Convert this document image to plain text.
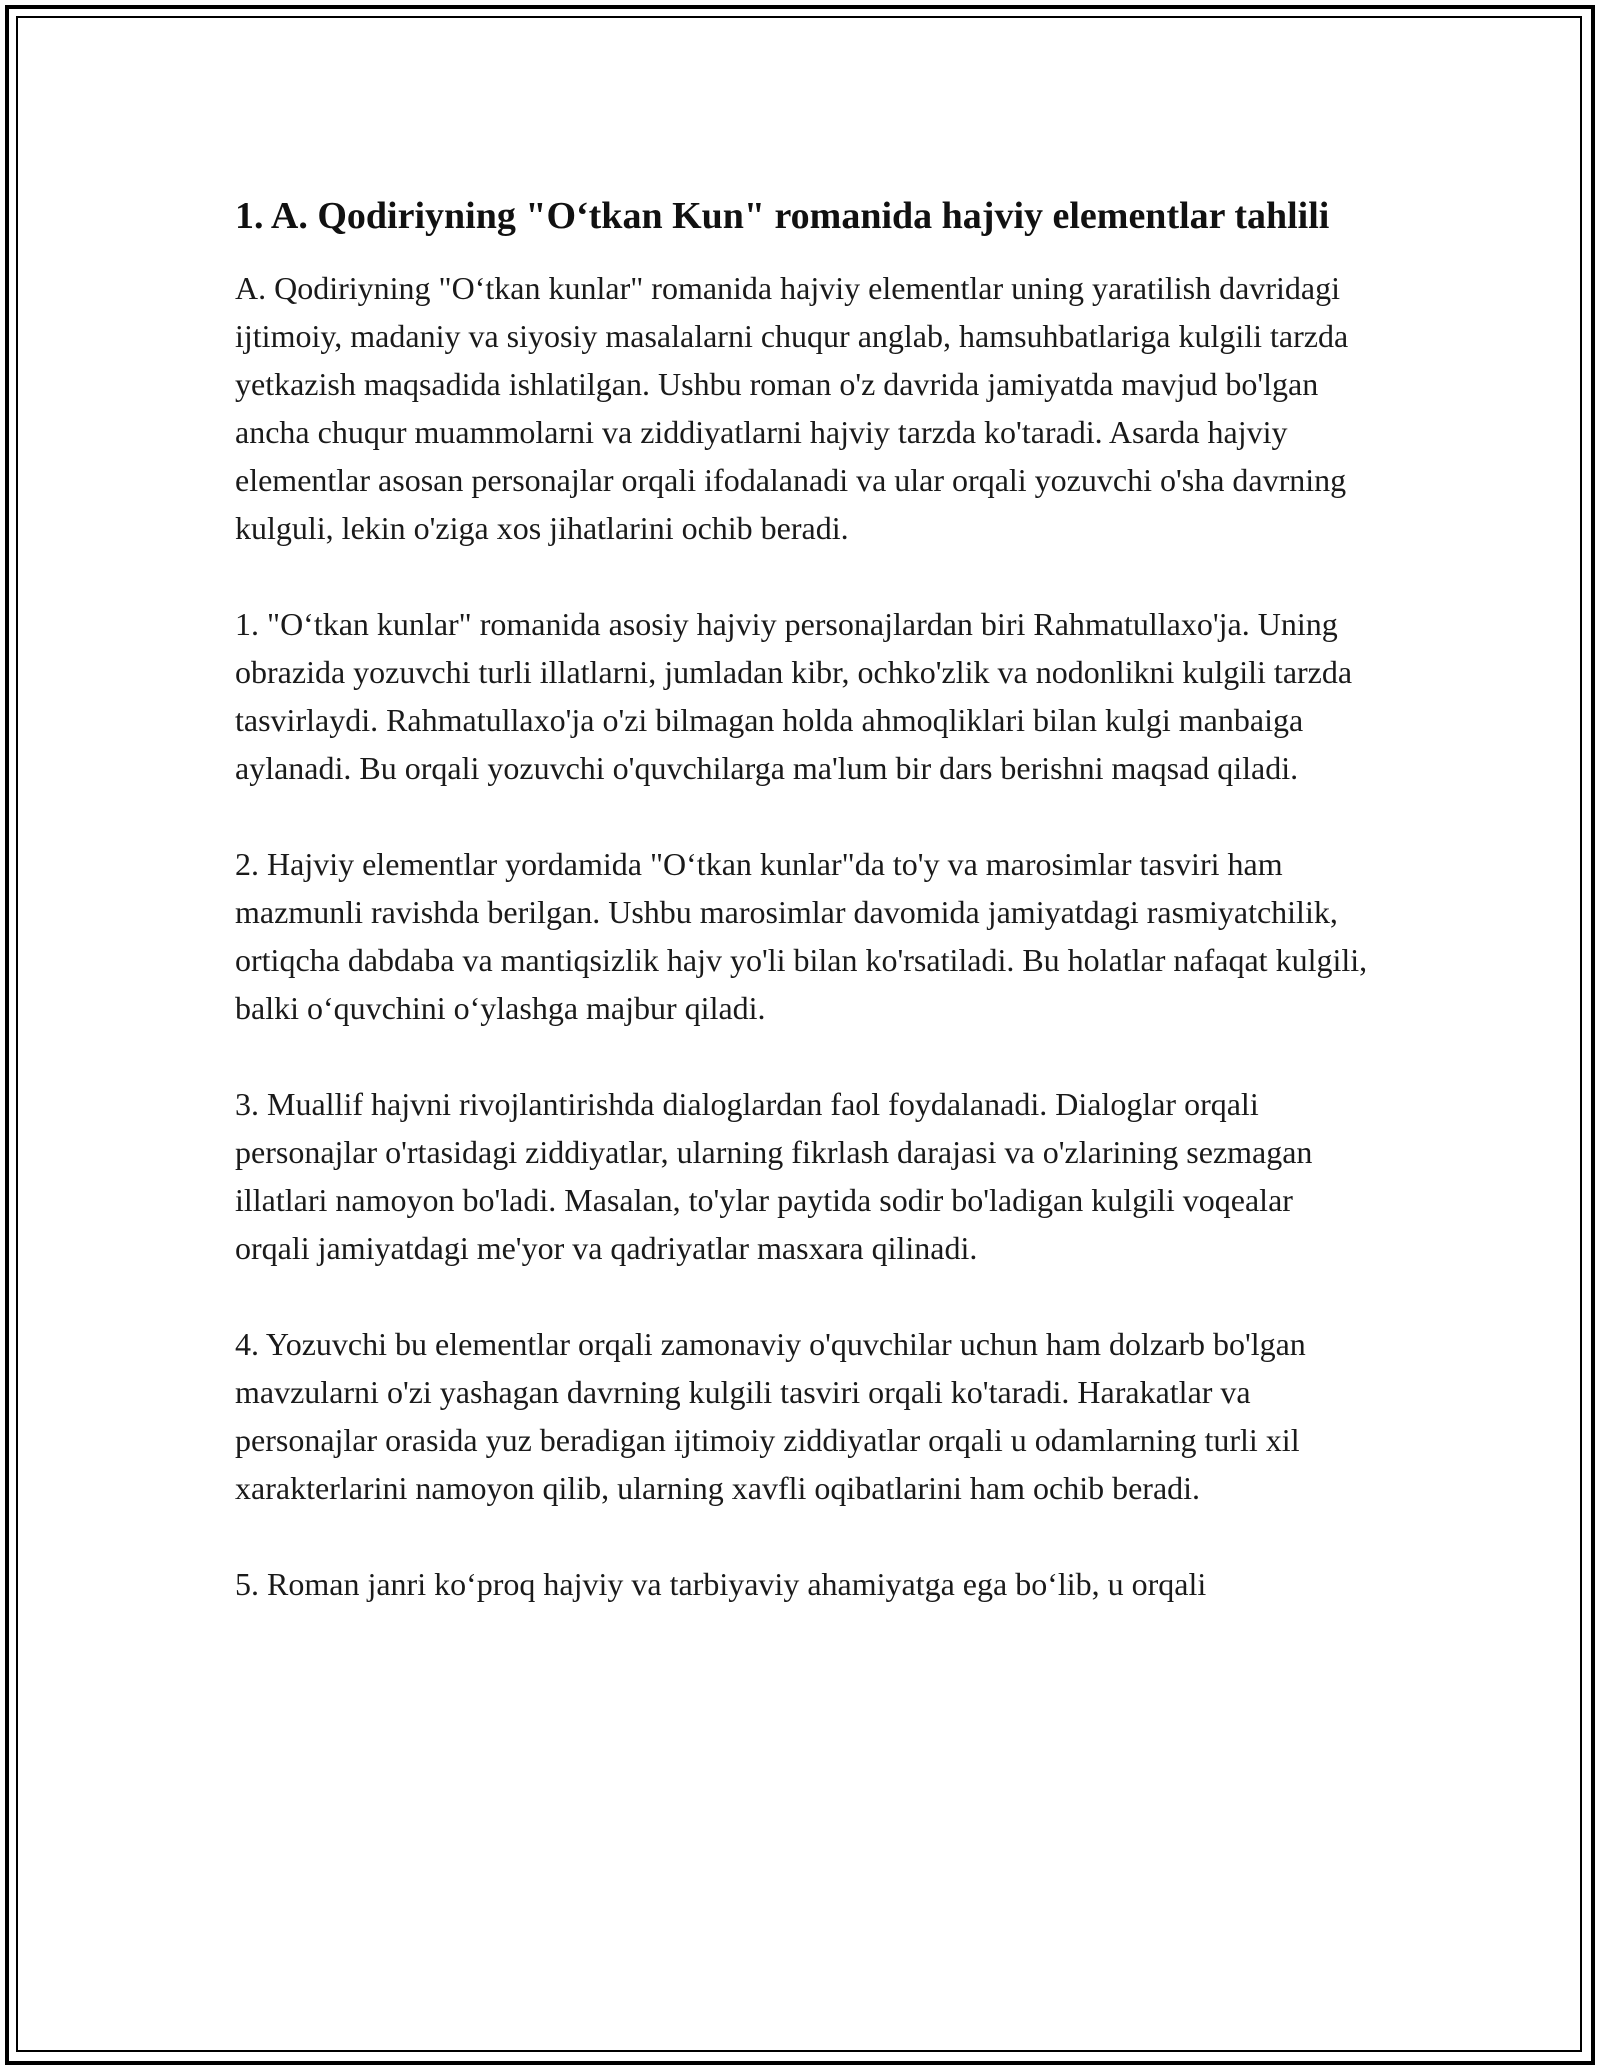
1. A. Qodiriyning "O‘tkan Kun" romanida hajviy elementlar tahlili

A. Qodiriyning "O‘tkan kunlar" romanida hajviy elementlar uning yaratilish davridagi ijtimoiy, madaniy va siyosiy masalalarni chuqur anglab, hamsuhbatlariga kulgili tarzda yetkazish maqsadida ishlatilgan. Ushbu roman o'z davrida jamiyatda mavjud bo'lgan ancha chuqur muammolarni va ziddiyatlarni hajviy tarzda ko'taradi. Asarda hajviy elementlar asosan personajlar orqali ifodalanadi va ular orqali yozuvchi o'sha davrning kulguli, lekin o'ziga xos jihatlarini ochib beradi.

1. "O‘tkan kunlar" romanida asosiy hajviy personajlardan biri Rahmatullaxo'ja. Uning obrazida yozuvchi turli illatlarni, jumladan kibr, ochko'zlik va nodonlikni kulgili tarzda tasvirlaydi. Rahmatullaxo'ja o'zi bilmagan holda ahmoqliklari bilan kulgi manbaiga aylanadi. Bu orqali yozuvchi o'quvchilarga ma'lum bir dars berishni maqsad qiladi.

2. Hajviy elementlar yordamida "O‘tkan kunlar"da to'y va marosimlar tasviri ham mazmunli ravishda berilgan. Ushbu marosimlar davomida jamiyatdagi rasmiyatchilik, ortiqcha dabdaba va mantiqsizlik hajv yo'li bilan ko'rsatiladi. Bu holatlar nafaqat kulgili, balki o‘quvchini o‘ylashga majbur qiladi.

3. Muallif hajvni rivojlantirishda dialoglardan faol foydalanadi. Dialoglar orqali personajlar o'rtasidagi ziddiyatlar, ularning fikrlash darajasi va o'zlarining sezmagan illatlari namoyon bo'ladi. Masalan, to'ylar paytida sodir bo'ladigan kulgili voqealar orqali jamiyatdagi me'yor va qadriyatlar masxara qilinadi.

4. Yozuvchi bu elementlar orqali zamonaviy o'quvchilar uchun ham dolzarb bo'lgan mavzularni o'zi yashagan davrning kulgili tasviri orqali ko'taradi. Harakatlar va personajlar orasida yuz beradigan ijtimoiy ziddiyatlar orqali u odamlarning turli xil xarakterlarini namoyon qilib, ularning xavfli oqibatlarini ham ochib beradi.

5. Roman janri ko‘proq hajviy va tarbiyaviy ahamiyatga ega bo‘lib, u orqali
